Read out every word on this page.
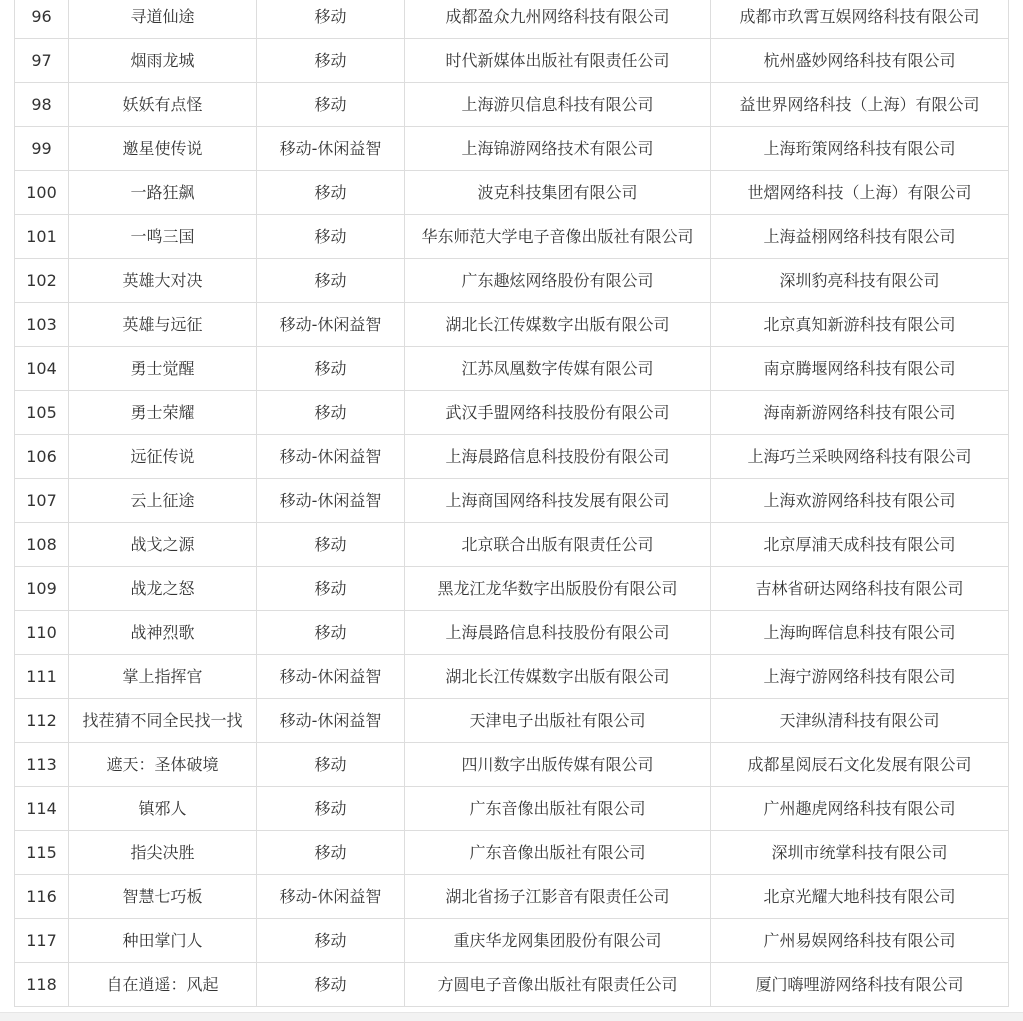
96	寻道仙途	移动	成都盈众九州网络科技有限公司	成都市玖霄互娱网络科技有限公司
97	烟雨龙城	移动	时代新媒体出版社有限责任公司	杭州盛妙网络科技有限公司
98	妖妖有点怪	移动	上海游贝信息科技有限公司	益世界网络科技（上海）有限公司
99	邀星使传说	移动-休闲益智	上海锦游网络技术有限公司	上海珩策网络科技有限公司
100	一路狂飙	移动	波克科技集团有限公司	世熠网络科技（上海）有限公司
101	一鸣三国	移动	华东师范大学电子音像出版社有限公司	上海益栩网络科技有限公司
102	英雄大对决	移动	广东趣炫网络股份有限公司	深圳豹亮科技有限公司
103	英雄与远征	移动-休闲益智	湖北长江传媒数字出版有限公司	北京真知新游科技有限公司
104	勇士觉醒	移动	江苏凤凰数字传媒有限公司	南京腾堰网络科技有限公司
105	勇士荣耀	移动	武汉手盟网络科技股份有限公司	海南新游网络科技有限公司
106	远征传说	移动-休闲益智	上海晨路信息科技股份有限公司	上海巧兰采映网络科技有限公司
107	云上征途	移动-休闲益智	上海商国网络科技发展有限公司	上海欢游网络科技有限公司
108	战戈之源	移动	北京联合出版有限责任公司	北京厚浦天成科技有限公司
109	战龙之怒	移动	黑龙江龙华数字出版股份有限公司	吉林省研达网络科技有限公司
110	战神烈歌	移动	上海晨路信息科技股份有限公司	上海昫晖信息科技有限公司
111	掌上指挥官	移动-休闲益智	湖北长江传媒数字出版有限公司	上海宁游网络科技有限公司
112	找茬猜不同全民找一找	移动-休闲益智	天津电子出版社有限公司	天津纵清科技有限公司
113	遮天：圣体破境	移动	四川数字出版传媒有限公司	成都星阅辰石文化发展有限公司
114	镇邪人	移动	广东音像出版社有限公司	广州趣虎网络科技有限公司
115	指尖决胜	移动	广东音像出版社有限公司	深圳市统掌科技有限公司
116	智慧七巧板	移动-休闲益智	湖北省扬子江影音有限责任公司	北京光耀大地科技有限公司
117	种田掌门人	移动	重庆华龙网集团股份有限公司	广州易娱网络科技有限公司
118	自在逍遥：风起	移动	方圆电子音像出版社有限责任公司	厦门嗨哩游网络科技有限公司
